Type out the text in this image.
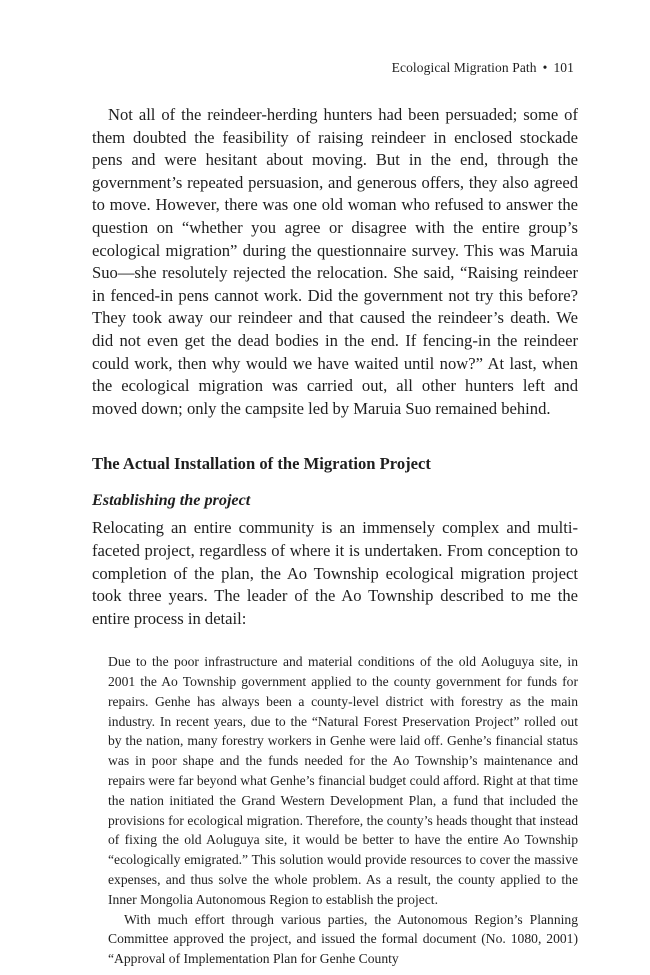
Ecological Migration Path • 101

Not all of the reindeer-herding hunters had been persuaded; some of them doubted the feasibility of raising reindeer in enclosed stockade pens and were hesitant about moving. But in the end, through the government’s repeated persuasion, and generous offers, they also agreed to move. However, there was one old woman who refused to answer the question on “whether you agree or disagree with the entire group’s ecological migration” during the questionnaire survey. This was Maruia Suo—she resolutely rejected the relocation. She said, “Raising reindeer in fenced-in pens cannot work. Did the government not try this before? They took away our reindeer and that caused the reindeer’s death. We did not even get the dead bodies in the end. If fencing-in the reindeer could work, then why would we have waited until now?” At last, when the ecological migration was carried out, all other hunters left and moved down; only the campsite led by Maruia Suo remained behind.

The Actual Installation of the Migration Project
Establishing the project

Relocating an entire community is an immensely complex and multi-faceted project, regardless of where it is undertaken. From conception to completion of the plan, the Ao Township ecological migration project took three years. The leader of the Ao Township described to me the entire process in detail:

Due to the poor infrastructure and material conditions of the old Aoluguya site, in 2001 the Ao Township government applied to the county government for funds for repairs. Genhe has always been a county-level district with forestry as the main industry. In recent years, due to the “Natural Forest Preservation Project” rolled out by the nation, many forestry workers in Genhe were laid off. Genhe’s financial status was in poor shape and the funds needed for the Ao Township’s maintenance and repairs were far beyond what Genhe’s financial budget could afford. Right at that time the nation initiated the Grand Western Development Plan, a fund that included the provisions for ecological migration. Therefore, the county’s heads thought that instead of fixing the old Aoluguya site, it would be better to have the entire Ao Township “ecologically emigrated.” This solution would provide resources to cover the massive expenses, and thus solve the whole problem. As a result, the county applied to the Inner Mongolia Autonomous Region to establish the project.

With much effort through various parties, the Autonomous Region’s Planning Committee approved the project, and issued the formal document (No. 1080, 2001) “Approval of Implementation Plan for Genhe County
